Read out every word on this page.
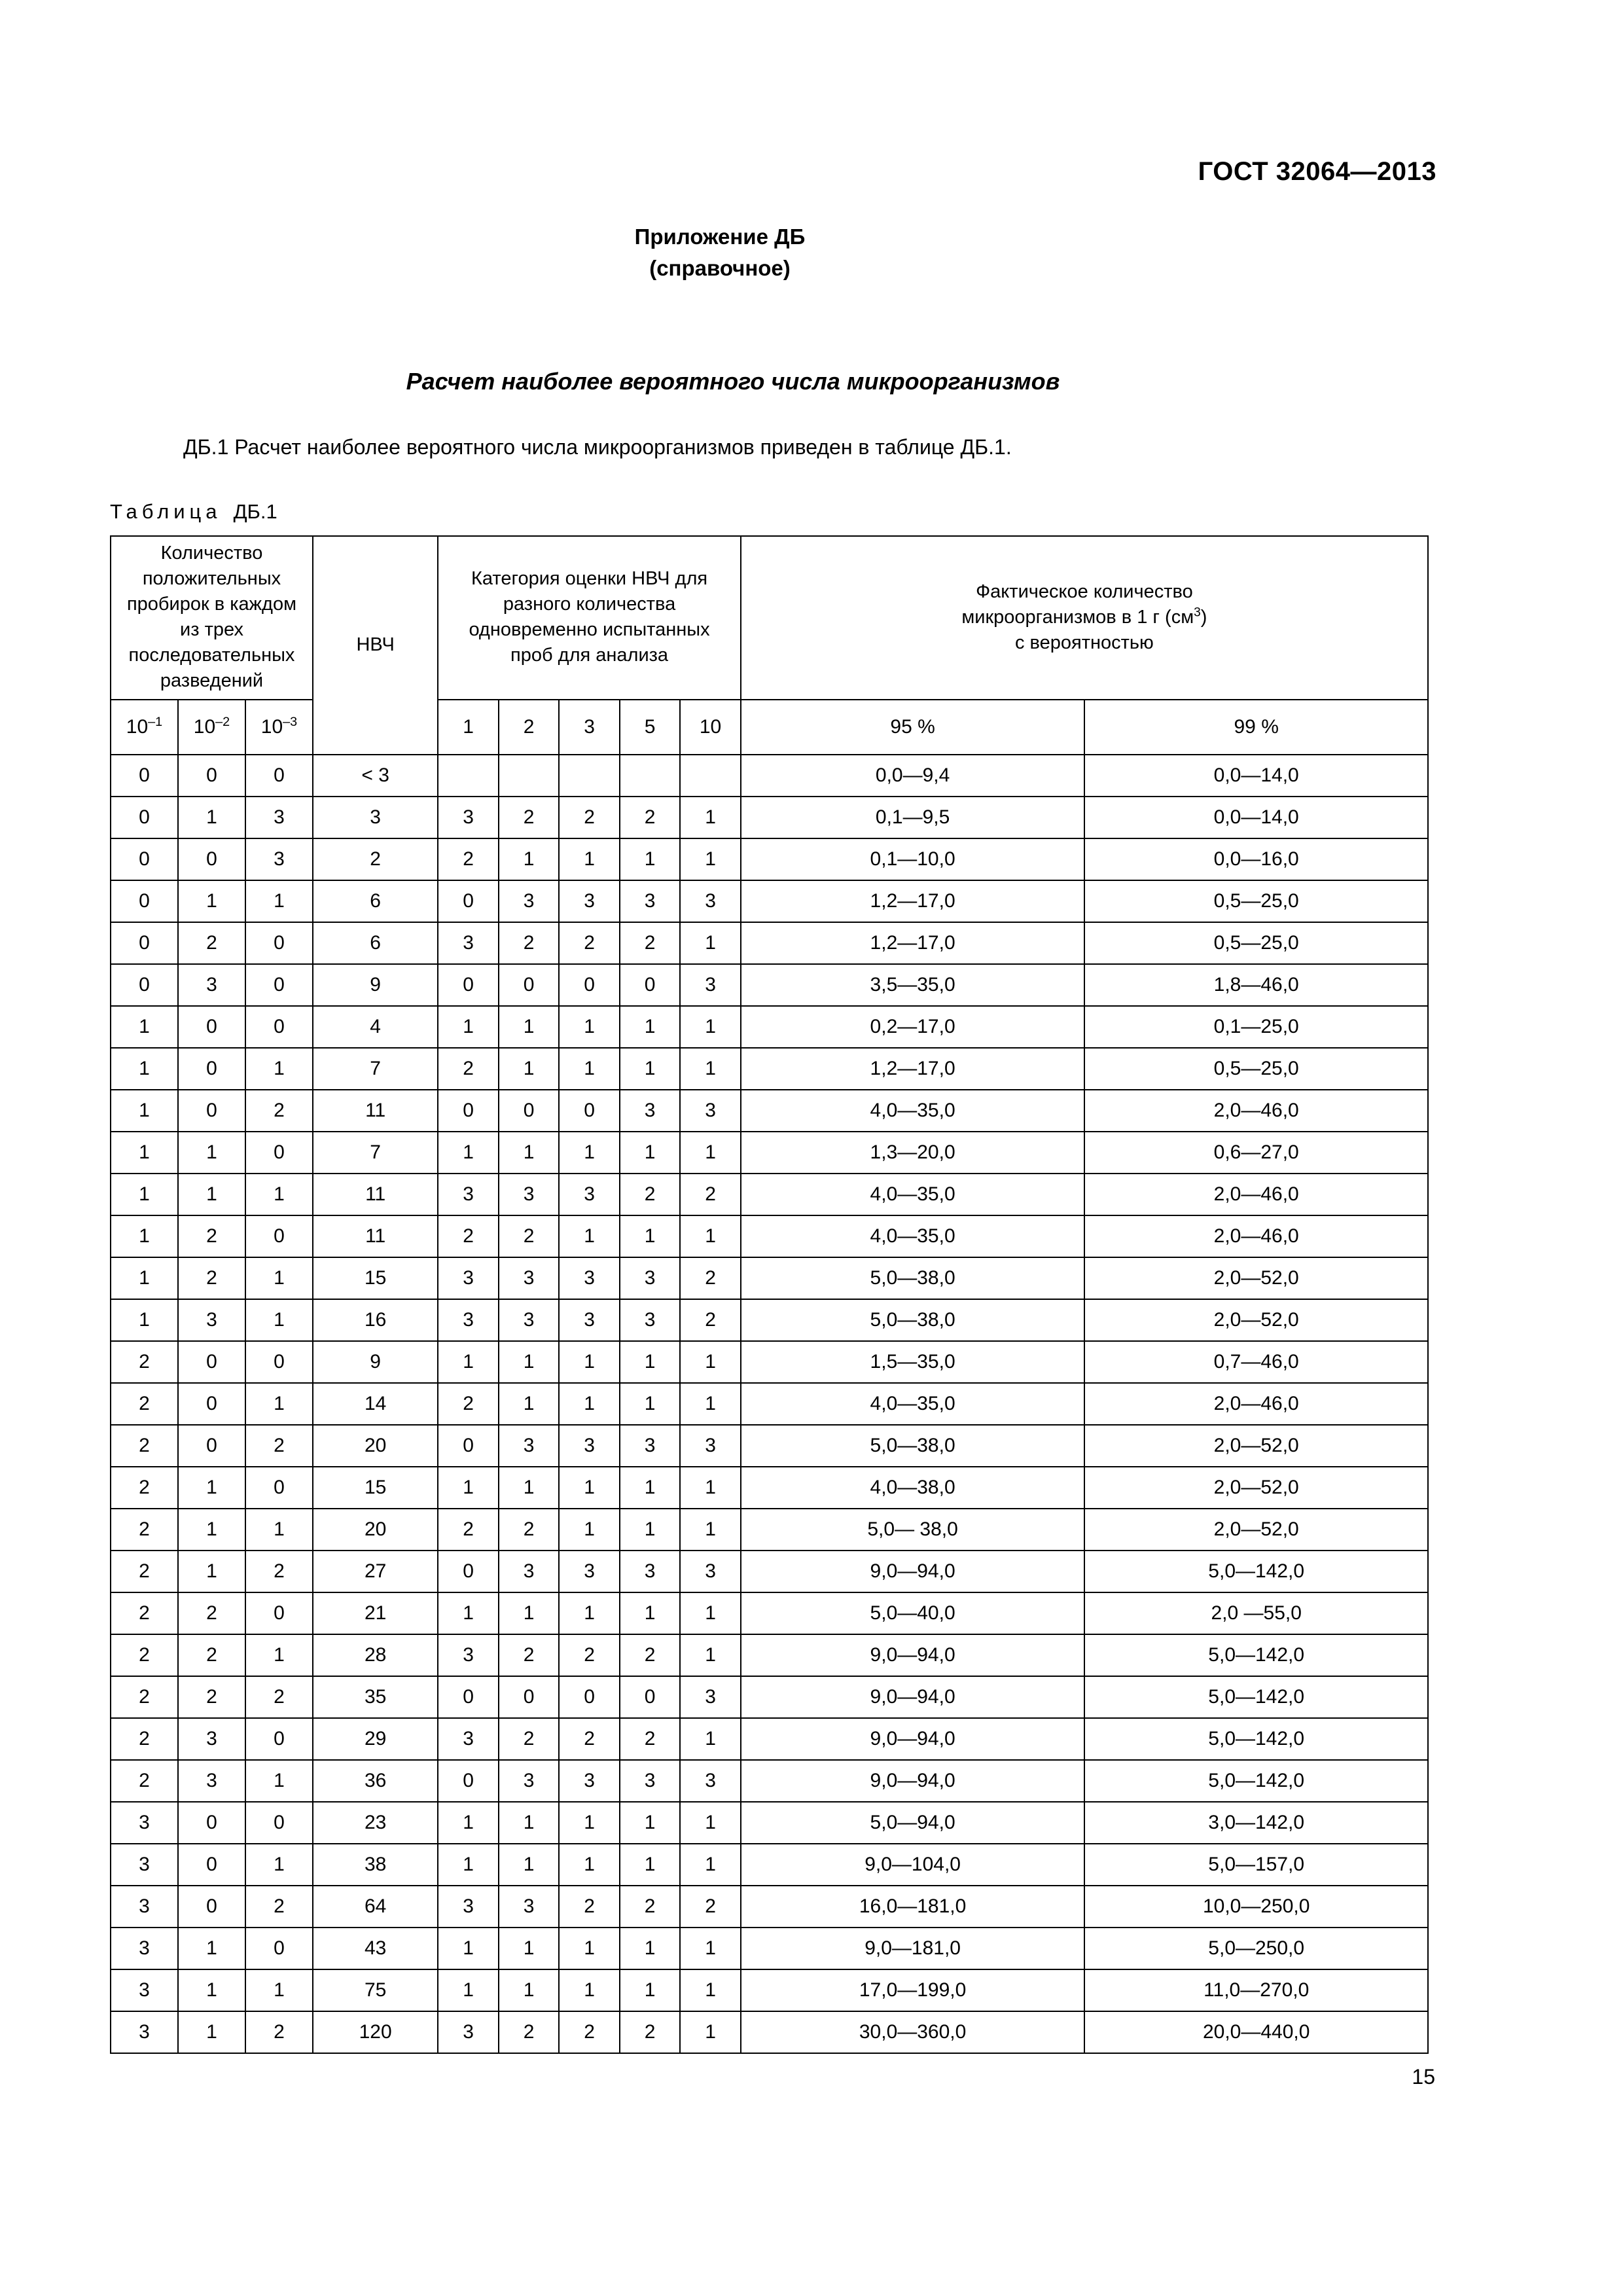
ГОСТ 32064—2013
Приложение ДБ
(справочное)
Расчет наиболее вероятного числа микроорганизмов
ДБ.1 Расчет наиболее вероятного числа микроорганизмов приведен в таблице ДБ.1.
Таблица ДБ.1
Количество положительных пробирок в каждом из трех последовательных разведений			НВЧ	Категория оценки НВЧ для разного количества одновременно испытанных проб для анализа					Фактическое количество
микроорганизмов в 1 г $(см^3)$
с вероятностью	
$10^{-1}$	$10^{-2}$	$10^{-3}$		1	2	3	5	10	95 %	99 %
0	0	0	< 3						0,0—9,4	0,0—14,0
0	1	3	3	3	2	2	2	1	0,1—9,5	0,0—14,0
0	0	3	2	2	1	1	1	1	0,1—10,0	0,0—16,0
0	1	1	6	0	3	3	3	3	1,2—17,0	0,5—25,0
0	2	0	6	3	2	2	2	1	1,2—17,0	0,5—25,0
0	3	0	9	0	0	0	0	3	3,5—35,0	1,8—46,0
1	0	0	4	1	1	1	1	1	0,2—17,0	0,1—25,0
1	0	1	7	2	1	1	1	1	1,2—17,0	0,5—25,0
1	0	2	11	0	0	0	3	3	4,0—35,0	2,0—46,0
1	1	0	7	1	1	1	1	1	1,3—20,0	0,6—27,0
1	1	1	11	3	3	3	2	2	4,0—35,0	2,0—46,0
1	2	0	11	2	2	1	1	1	4,0—35,0	2,0—46,0
1	2	1	15	3	3	3	3	2	5,0—38,0	2,0—52,0
1	3	1	16	3	3	3	3	2	5,0—38,0	2,0—52,0
2	0	0	9	1	1	1	1	1	1,5—35,0	0,7—46,0
2	0	1	14	2	1	1	1	1	4,0—35,0	2,0—46,0
2	0	2	20	0	3	3	3	3	5,0—38,0	2,0—52,0
2	1	0	15	1	1	1	1	1	4,0—38,0	2,0—52,0
2	1	1	20	2	2	1	1	1	5,0— 38,0	2,0—52,0
2	1	2	27	0	3	3	3	3	9,0—94,0	5,0—142,0
2	2	0	21	1	1	1	1	1	5,0—40,0	2,0 —55,0
2	2	1	28	3	2	2	2	1	9,0—94,0	5,0—142,0
2	2	2	35	0	0	0	0	3	9,0—94,0	5,0—142,0
2	3	0	29	3	2	2	2	1	9,0—94,0	5,0—142,0
2	3	1	36	0	3	3	3	3	9,0—94,0	5,0—142,0
3	0	0	23	1	1	1	1	1	5,0—94,0	3,0—142,0
3	0	1	38	1	1	1	1	1	9,0—104,0	5,0—157,0
3	0	2	64	3	3	2	2	2	16,0—181,0	10,0—250,0
3	1	0	43	1	1	1	1	1	9,0—181,0	5,0—250,0
3	1	1	75	1	1	1	1	1	17,0—199,0	11,0—270,0
3	1	2	120	3	2	2	2	1	30,0—360,0	20,0—440,0
15
